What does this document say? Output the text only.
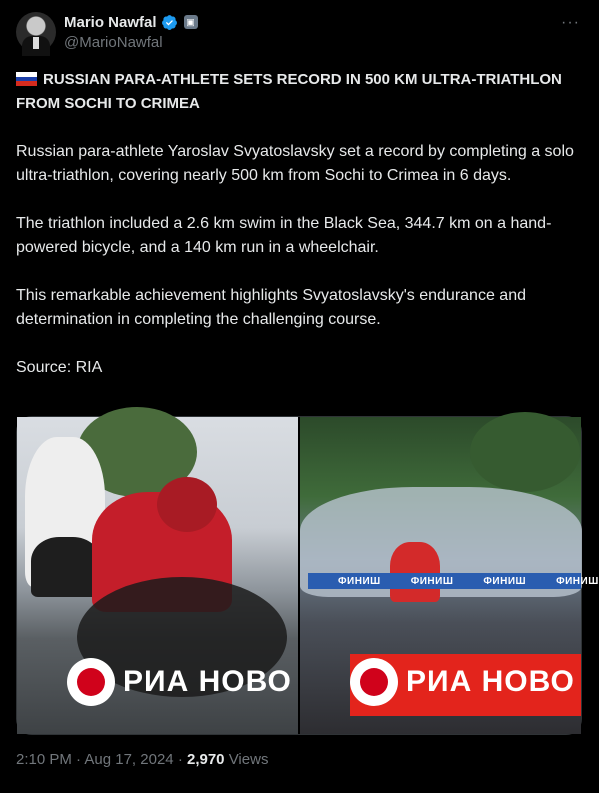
Mario Nawfal	▣
@MarioNawfal
···
RUSSIAN PARA-ATHLETE SETS RECORD IN 500 KM ULTRA-TRIATHLON FROM SOCHI TO CRIMEA

Russian para-athlete Yaroslav Svyatoslavsky set a record by completing a solo ultra-triathlon, covering nearly 500 km from Sochi to Crimea in 6 days.

The triathlon included a 2.6 km swim in the Black Sea, 344.7 km on a hand-powered bicycle, and a 140 km run in a wheelchair.

This remarkable achievement highlights Svyatoslavsky's endurance and determination in completing the challenging course.

Source: RIA

РИА НОВО
ФИНИШ	ФИНИШ	ФИНИШ	ФИНИШ
РИА НОВО
2:10 PM · Aug 17, 2024 · 2,970 Views
